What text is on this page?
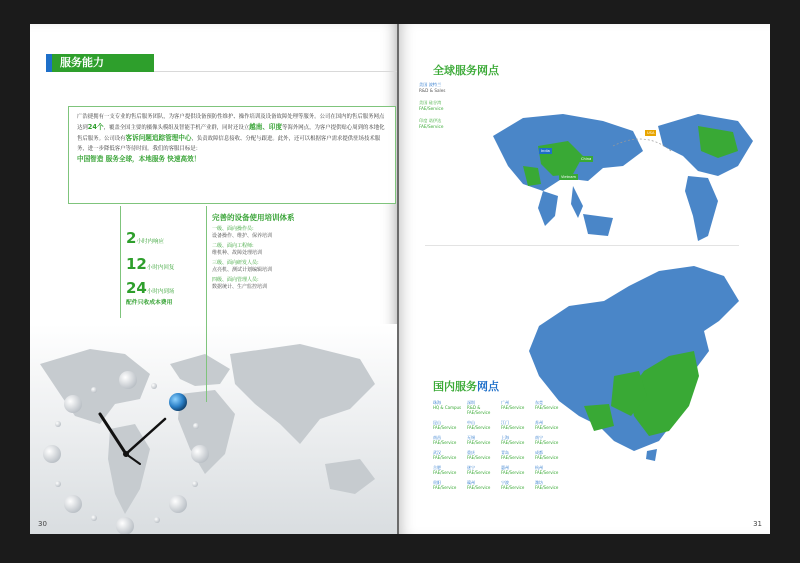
服务能力
广浩捷拥有一支专业的售后服务团队，为客户提供设备预防性维护、操作培训及设备故障处理等服务。公司在国内的售后服务网点达到24个，覆盖全国主要的摄像头模组及智能手机产业群，同时还设立越南、印度等海外网点，为客户提供贴心周到的本地化售后服务。公司设有客诉问题追踪管理中心，负责故障信息接收、分配与跟进。此外，还可以根据客户需求提供驻场技术服务，进一步降低客户等待时间。我们的客服目标是：
中国智造 服务全球，本地服务 快速高效！
2小时内响应
12小时内回复
24小时内到场
配件只收成本费用
完善的设备使用培训体系
一级、面向操作员:
设备操作、维护、保养培训
二级、面向工程师:
维机种、故障处理培训
三级、面向研发人员:
点亮机、测试计划编辑培训
四级、面向管理人员:
数据统计、生产监控培训
30
全球服务网点
美国 波特兰
R&D & Sales
美国 硅谷湾
FAE/Service
印度 诺伊达
FAE/Service
India
Vietnam
China
USA
国内服务网点
珠海
HQ & Campus
深圳
R&D & FAE/Service
广州
FAE/Service
东莞
FAE/Service
昆山
FAE/Service
中山
FAE/Service
江门
FAE/Service
苏州
FAE/Service
南昌
FAE/Service
无锡
FAE/Service
上海
FAE/Service
南宁
FAE/Service
武汉
FAE/Service
重庆
FAE/Service
青岛
FAE/Service
成都
FAE/Service
合肥
FAE/Service
遂宁
FAE/Service
惠州
FAE/Service
杭州
FAE/Service
贵阳
FAE/Service
赣州
FAE/Service
宁波
FAE/Service
潍坊
FAE/Service
31
